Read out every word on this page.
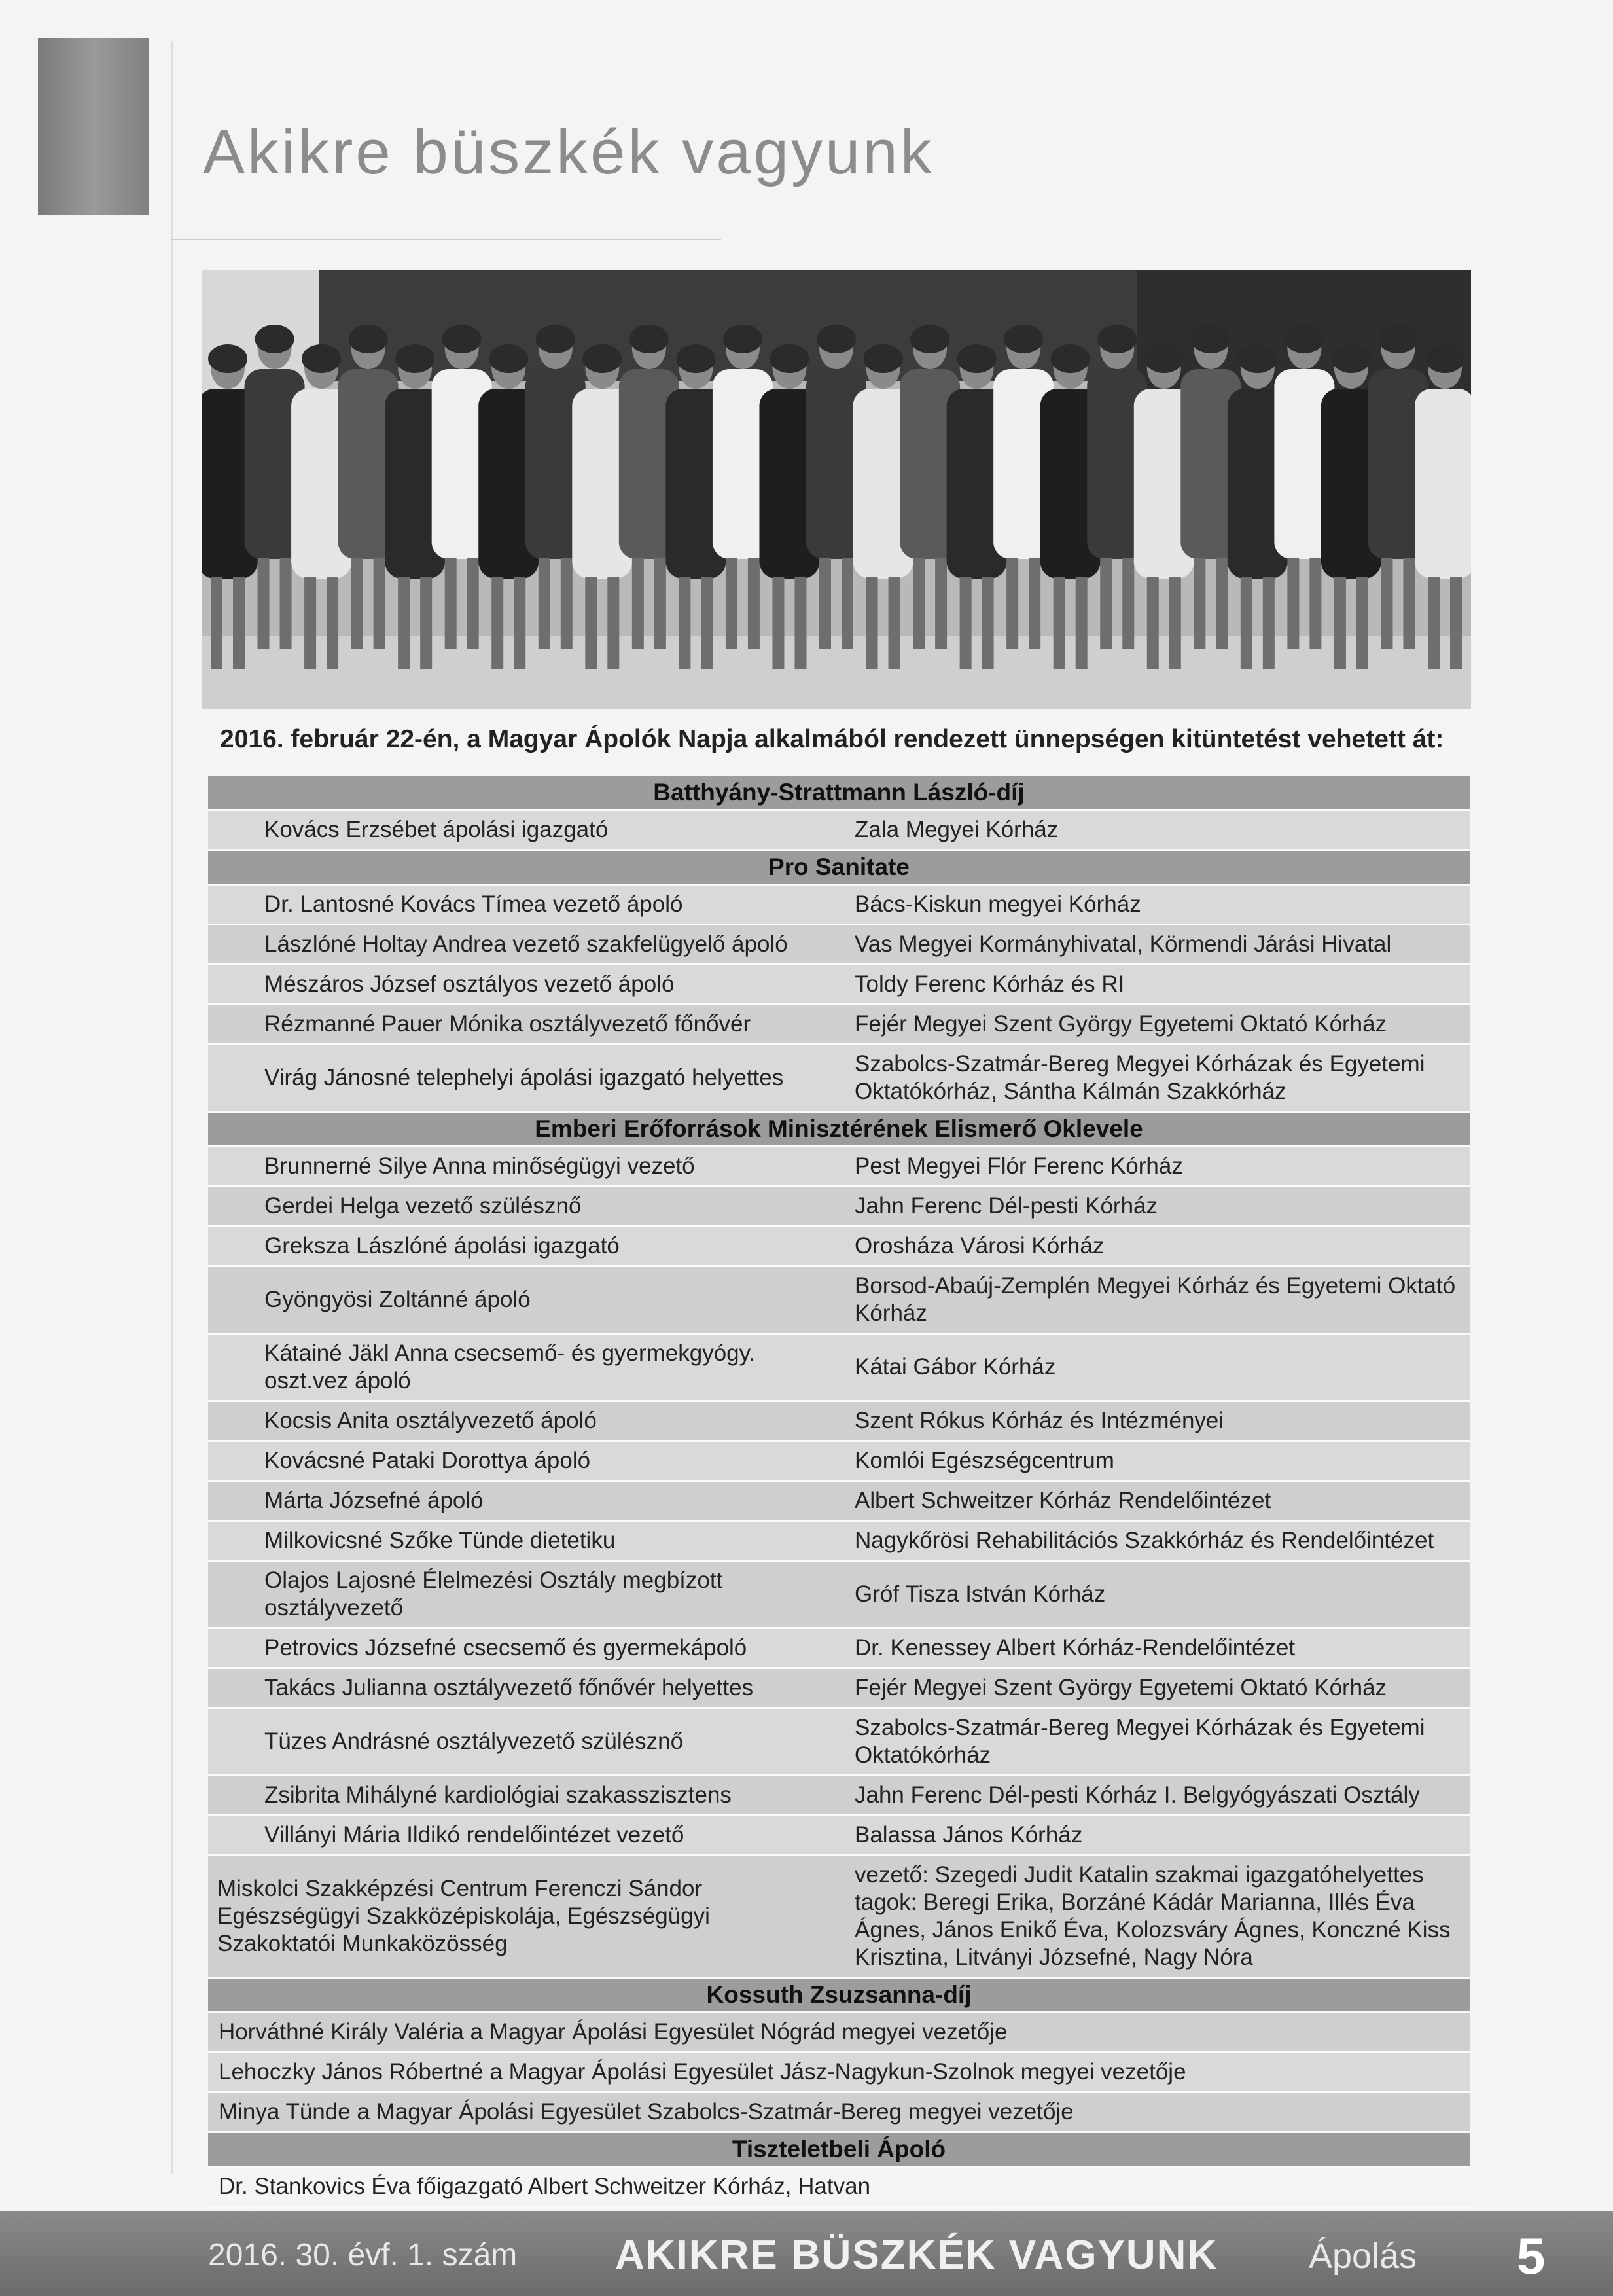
Akikre büszkék vagyunk

2016. február 22-én, a Magyar Ápolók Napja alkalmából rendezett ünnepségen kitüntetést vehetett át:

Batthyány-Strattmann László-díj	
Kovács Erzsébet ápolási igazgató	Zala Megyei Kórház
Pro Sanitate	
Dr. Lantosné Kovács Tímea vezető ápoló	Bács-Kiskun megyei Kórház
Lászlóné Holtay Andrea vezető szakfelügyelő ápoló	Vas Megyei Kormányhivatal, Körmendi Járási Hivatal
Mészáros József osztályos vezető ápoló	Toldy Ferenc Kórház és RI
Rézmanné Pauer Mónika osztályvezető főnővér	Fejér Megyei Szent György Egyetemi Oktató Kórház
Virág Jánosné telephelyi ápolási igazgató helyettes	Szabolcs-Szatmár-Bereg Megyei Kórházak és Egyetemi Oktatókórház, Sántha Kálmán Szakkórház
Emberi Erőforrások Minisztérének Elismerő Oklevele	
Brunnerné Silye Anna minőségügyi vezető	Pest Megyei Flór Ferenc Kórház
Gerdei Helga vezető szülésznő	Jahn Ferenc Dél-pesti Kórház
Greksza Lászlóné ápolási igazgató	Orosháza Városi Kórház
Gyöngyösi Zoltánné ápoló	Borsod-Abaúj-Zemplén Megyei Kórház és Egyetemi Oktató Kórház
Kátainé Jäkl Anna csecsemő- és gyermekgyógy. oszt.vez ápoló	Kátai Gábor Kórház
Kocsis Anita osztályvezető ápoló	Szent Rókus Kórház és Intézményei
Kovácsné Pataki Dorottya ápoló	Komlói Egészségcentrum
Márta Józsefné ápoló	Albert Schweitzer Kórház Rendelőintézet
Milkovicsné Szőke Tünde dietetiku	Nagykőrösi Rehabilitációs Szakkórház és Rendelőintézet
Olajos Lajosné Élelmezési Osztály megbízott osztályvezető	Gróf Tisza István Kórház
Petrovics Józsefné csecsemő és gyermekápoló	Dr. Kenessey Albert Kórház-Rendelőintézet
Takács Julianna osztályvezető főnővér helyettes	Fejér Megyei Szent György Egyetemi Oktató Kórház
Tüzes Andrásné osztályvezető szülésznő	Szabolcs-Szatmár-Bereg Megyei Kórházak és Egyetemi Oktatókórház
Zsibrita Mihályné kardiológiai szakasszisztens	Jahn Ferenc Dél-pesti Kórház I. Belgyógyászati Osztály
Villányi Mária Ildikó rendelőintézet vezető	Balassa János Kórház
Miskolci Szakképzési Centrum Ferenczi Sándor Egészségügyi Szakközépiskolája, Egészségügyi Szakoktatói Munkaközösség	vezető: Szegedi Judit Katalin szakmai igazgatóhelyettes tagok: Beregi Erika, Borzáné Kádár Marianna, Illés Éva Ágnes, János Enikő Éva, Kolozsváry Ágnes, Konczné Kiss Krisztina, Litványi Józsefné, Nagy Nóra
Kossuth Zsuzsanna-díj	
Horváthné Király Valéria a Magyar Ápolási Egyesület Nógrád megyei vezetője	
Lehoczky János Róbertné a Magyar Ápolási Egyesület Jász-Nagykun-Szolnok megyei vezetője	
Minya Tünde a Magyar Ápolási Egyesület Szabolcs-Szatmár-Bereg megyei vezetője	
Tiszteletbeli Ápoló	
Dr. Stankovics Éva főigazgató Albert Schweitzer Kórház, Hatvan	
2016. 30. évf. 1. szám AKIKRE BÜSZKÉK VAGYUNK	Ápolás 5
